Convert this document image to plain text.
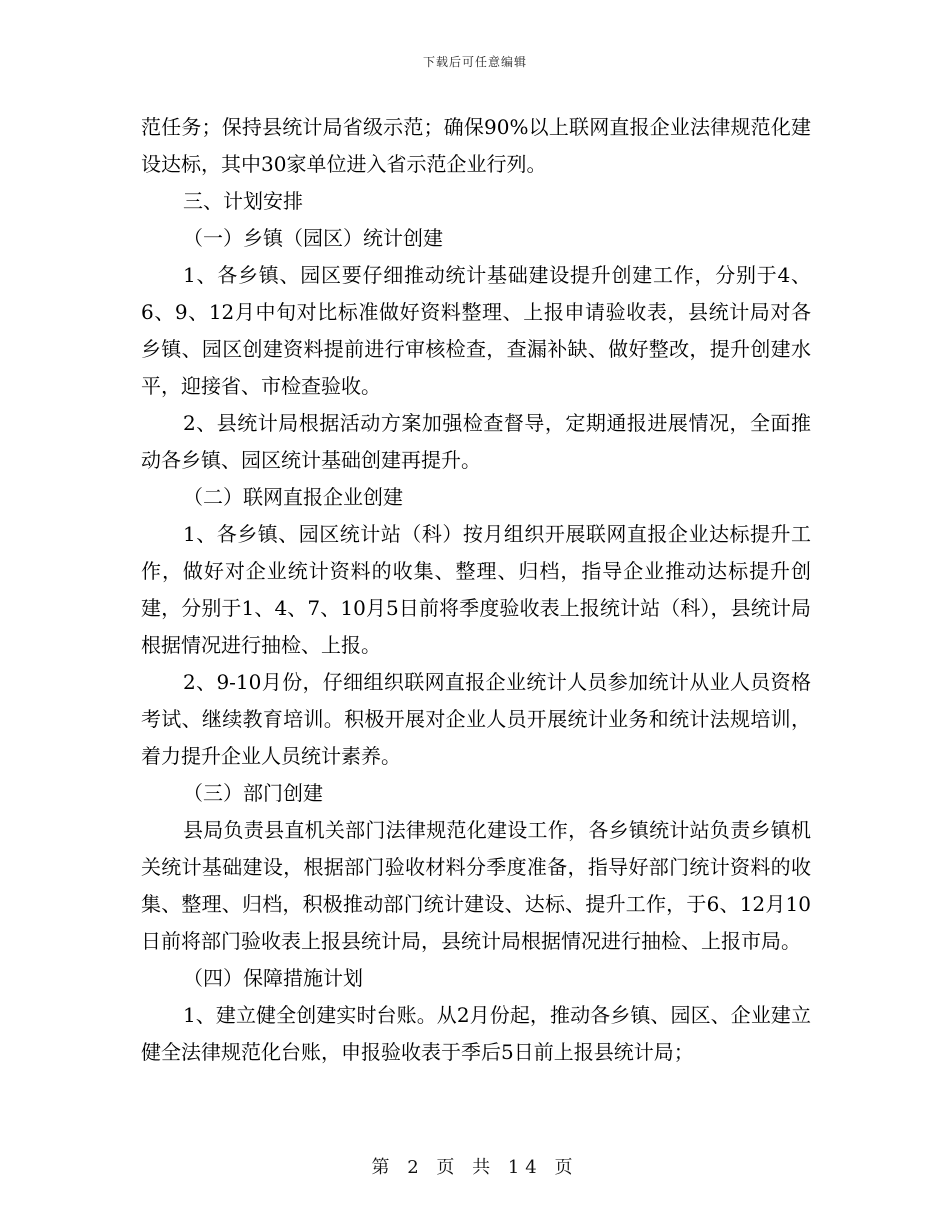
下载后可任意编辑

范任务；保持县统计局省级示范；确保90%以上联网直报企业法律规范化建设达标，其中30家单位进入省示范企业行列。

三、计划安排

（一）乡镇（园区）统计创建

1、各乡镇、园区要仔细推动统计基础建设提升创建工作，分别于4、6、9、12月中旬对比标准做好资料整理、上报申请验收表，县统计局对各乡镇、园区创建资料提前进行审核检查，查漏补缺、做好整改，提升创建水平，迎接省、市检查验收。

2、县统计局根据活动方案加强检查督导，定期通报进展情况，全面推动各乡镇、园区统计基础创建再提升。

（二）联网直报企业创建

1、各乡镇、园区统计站（科）按月组织开展联网直报企业达标提升工作，做好对企业统计资料的收集、整理、归档，指导企业推动达标提升创建，分别于1、4、7、10月5日前将季度验收表上报统计站（科），县统计局根据情况进行抽检、上报。

2、9-10月份，仔细组织联网直报企业统计人员参加统计从业人员资格考试、继续教育培训。积极开展对企业人员开展统计业务和统计法规培训，着力提升企业人员统计素养。

（三）部门创建

县局负责县直机关部门法律规范化建设工作，各乡镇统计站负责乡镇机关统计基础建设，根据部门验收材料分季度准备，指导好部门统计资料的收集、整理、归档，积极推动部门统计建设、达标、提升工作，于6、12月10日前将部门验收表上报县统计局，县统计局根据情况进行抽检、上报市局。

（四）保障措施计划

1、建立健全创建实时台账。从2月份起，推动各乡镇、园区、企业建立健全法律规范化台账，申报验收表于季后5日前上报县统计局；

第 2 页 共 14 页
